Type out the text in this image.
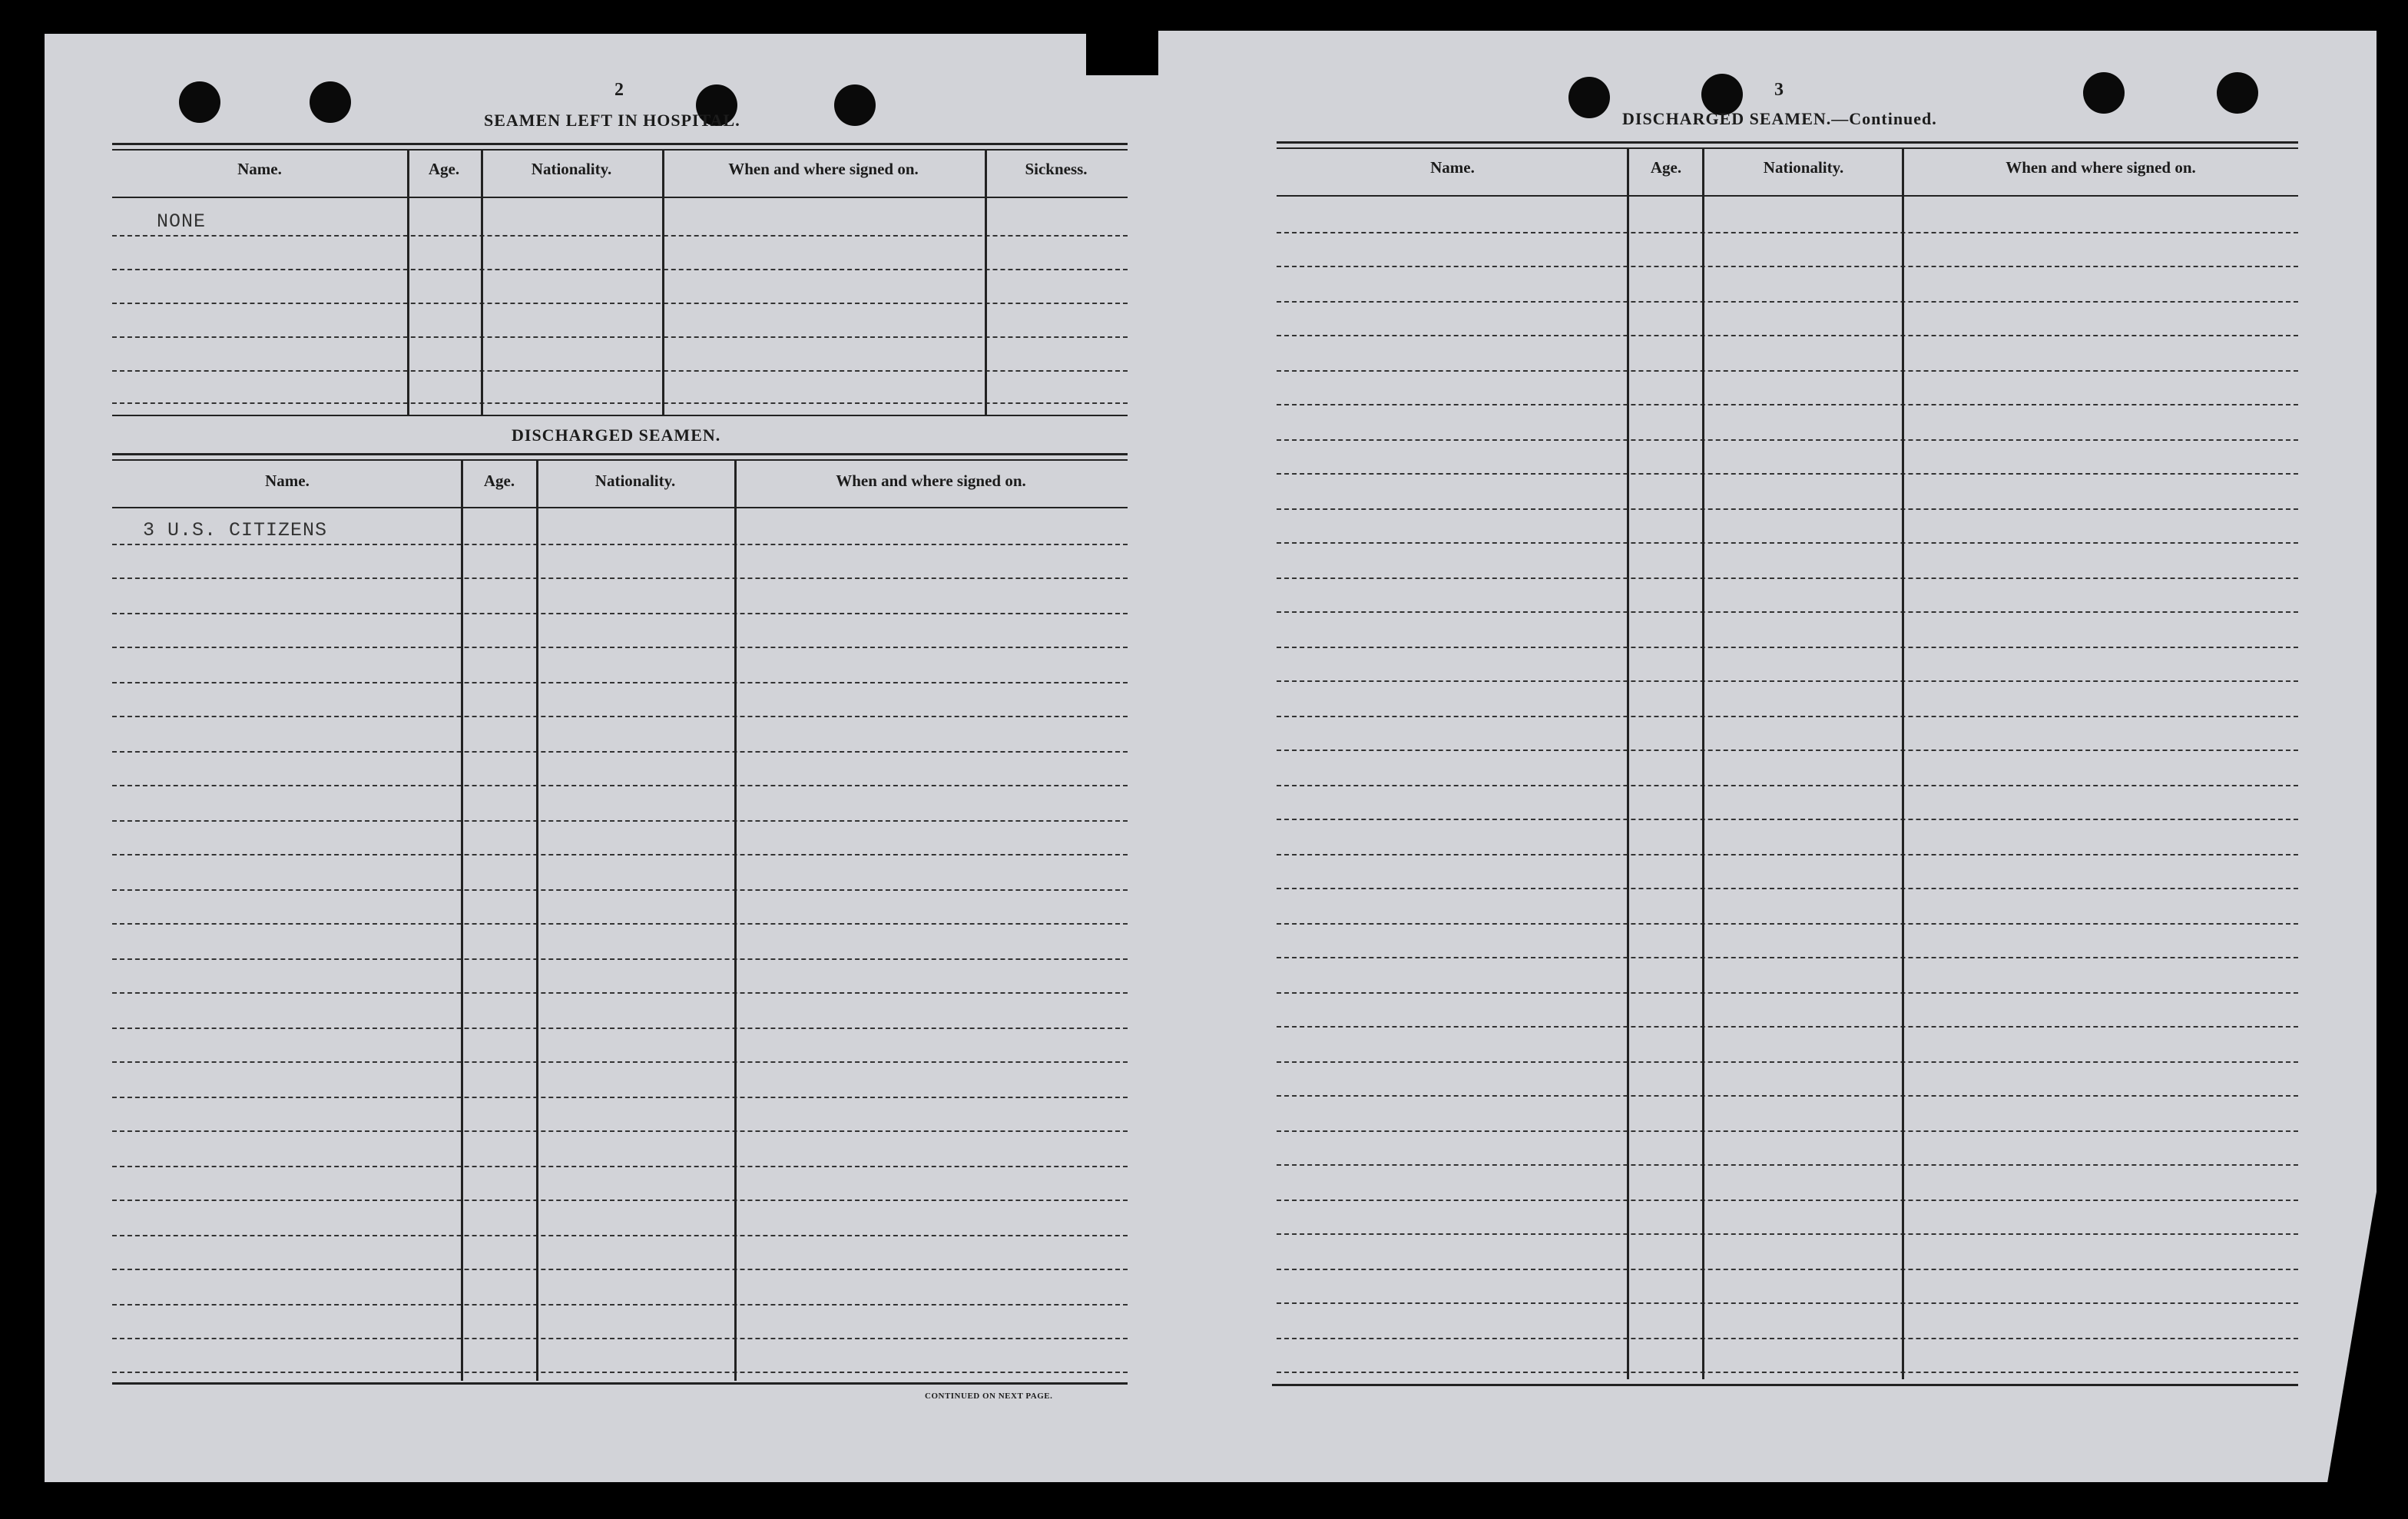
2
SEAMEN LEFT IN HOSPITAL.
Name.	Age.	Nationality.	When and where signed on.	Sickness.
NONE
DISCHARGED SEAMEN.
Name.	Age.	Nationality.	When and where signed on.
3 U.S. CITIZENS
CONTINUED ON NEXT PAGE.
3
DISCHARGED SEAMEN.—Continued.
Name.	Age.	Nationality.	When and where signed on.
